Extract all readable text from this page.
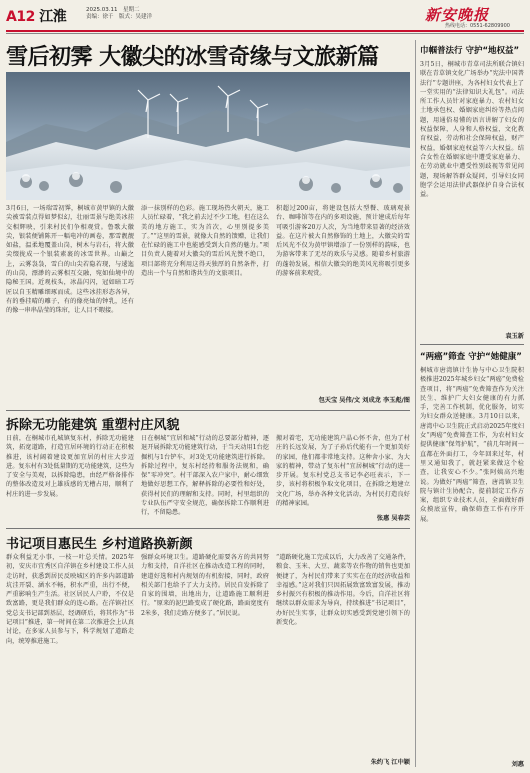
A12 江淮	2025.03.11　星期二
责编：徐千　版式：吴建洋	新安晚报
热线电话：0551-62809900
雪后初霁 大徽尖的冰雪奇缘与文旅新篇
3月6日，一场瑞雪初霁，桐城市黄甲镇的大徽尖被雪装点得如梦似幻，壮丽雪景与绝美冰挂交相辉映，引来村民们争相观赏。鲁歌大徽尖，银装便铺陈开一幅电冲的画卷，那雪靓靓如盐，温柔地覆盖山岗，树木与岩石，将大徽尖缀拢成一个银装素裹的冰雪世界。山巅之上，云雾袅袅，雪白的山尖若隐若现，与逶迤的山岗，漂渺的云雾相互交融，宛如仙境中的隐秘王国。近观枝头，冰晶闪闪，冠如暗工巧匠以自玉精雕细琢而成。这些冰挂形态各异，有的垂挂晴的雕子，有的像亮灿的钟乳，还有的像一串串晶莹的珠帘，让人目不暇接。
添一抹别样的色彩。施工现场热火朝天，施工人员忙碌着，“我之前去过不少工地，但在这么美的地方施工，实为首次，心里别提多美了。”“这里的雪景，就像大自然的馈赠，让我们在忙碌的施工中也能感受到大自然的魅力。”项目负责人随着对大徽尖的雪后风光赞不绝口，项目部将充分利用这得天独厚的自然条件，打造出一个与自然和谐共生的文旅项目。
积超过200亩，将建设包括大型餐、玻璃观景台、咖啡馆等在内的多项设施，预计建成后每年可吸引游客20万人次，为当地带来显著的经济效益。在这片被大自然修饰的土地上，大徽尖的雪后风光不仅为黄甲镇增添了一份别样的韵味，也为游客带来了无尽的欢乐与灵感。随着乡村旅游的蓬勃发展，相信大徽尖的绝美风光将吸引更多的游客前来观赏。
包天宝 吴伟/文 刘成龙 李玉彪/图
拆除无功能建筑 重塑村庄风貌
日前，在桐城市孔城镇复东村，拆除无功能建筑，拓宽道路，打造宜居环境的行动正在积极推进，该村阔着建设更加宜居的村庄大步迈进。复东村有3处低量期的无功能建筑，这些为了安全与美观，以拆除隐患，由经严格备排作的整体改造及对上雄质感的无槽占用，顺利了村庄的进一步发展。
日在桐城“宜居和城”行动的总要部分精神，逐退开展拆除无功能建筑行动，于当天动用1台挖掘机与1台铲车，对3处无功能建筑进行拆除。拆除过程中，复东村经持和服务法规和，确保“零冲突”。村干部深入农户家中，耐心细致地做好思想工作，解释拆除的必要性和好处，获得村民们的理解和支持。同时，村里组织的专业队伍严守安全规范，确保拆除工作顺利进行，不留隐患。
搬对着宅，无功能建筑户晶心怀不舍，但为了村庄的长远发展，为了子孙后代能有一个更加美好的家园，他们都非常地支持。这种舍小家、为大家的精神，带动了复东村“宜居桐城”行动的进一步开展。复东村党总支书记李必旺表示，下一步，该村将积极争取文化项目，在拆除之地建立文化广场，举办各种文化活动，为村民打造良好的精神家园。
张惠 吴春芸
书记项目惠民生 乡村道路换新颜
群众利益无小事，一枝一叶总关情。2025年初，安庆市宜秀区自洋镇在乡村建设工作人员走访时，获悉到居民反映城区的许多内部道路坑洼开裂、涵水不畅，积水严重，出行不便，严重影响生产生活。社区居民人户聆，不仅是致富路，更是我们群众的连心路。在洋镇社区党总支书记部到基层，经调研后，将其作为“书记项目”推进，第一时间在第二次推进会上认真讨论，在多家人员参与下，科学规划了道路走向，统筹推进施工。
强群众环境卫生。道路硬化需要各方的共同努力和支持，自洋社区在推动改造工程的同时，建道好选和村内规划的有机衔接，同时，政府相关部门也给予了大力支持。居民自发拆除了自家的围墙，出地出力，让道路施工顺利进行。“原来的泥巴路变成了硬化路，路面宽度有2米多，我们走路方便多了。”居民说。
“道路硬化施工完成以后，大力改善了交通条件，粮食、玉米、大豆、蔬菜等农作物的销售也更加便捷了，为村民们带来了实实在在的经济收益和幸福感。”这对我们只因拓展致富致富发展，推动乡村振兴有积极的推动作用。今后，自洋社区将继续以群众需求为导向，持续推进“书记项目”，办好民生实事，让群众切实感受到党建引领下的新变化。
朱约飞 江中颖
巾帼普法行 守护“地权益”
3月5日，桐城市青草司法所联合镇妇联在青草镇文化广场举办“宪法中国普法行”专题讲座，为各村妇女代表上了一堂实用的“法律知识大礼包”。司法所工作人员针对家庭暴力、农村妇女土地承包权、婚姻家庭纠纷等热点问题，用通俗易懂的语言讲解了妇女的权益保障，人身和人格权益，文化教育权益，劳动和社会保障权益，财产权益，婚姻家庭权益等六大权益。结合女性在婚姻家庭中遭受家庭暴力、在劳动就业中遭受性别歧视等常见问题，现场解答群众疑问，引导妇女同胞学会运用法律武器保护自身合法权益。
袁玉新
“两癌”筛查 守护“她健康”
桐城市唐湾镇计生协与中心卫生院积极推进2025年城乡妇女“两癌”免费检查项目，将“两癌”免费筛查作为关注民生、维护广大妇女健康的有力抓手，完善工作机制，优化服务，切实为妇女群众送健康。3月10日以来，唐湾中心卫生院正式启动2025年度妇女“两癌”免费筛查工作，为农村妇女提供健康“保驾护航”，“前几年时间一直都在外面打工，今年回来过年，村里又通知我了，就赶紧来做这个检查，让我安心不少。”张阿姨高兴地说。为做好“两癌”筛查，唐湾镇卫生院与镇计生协配合，提前制定工作方案，组织专业技术人员，全面做好群众摸底宣传，确保筛查工作有序开展。
刘惠
